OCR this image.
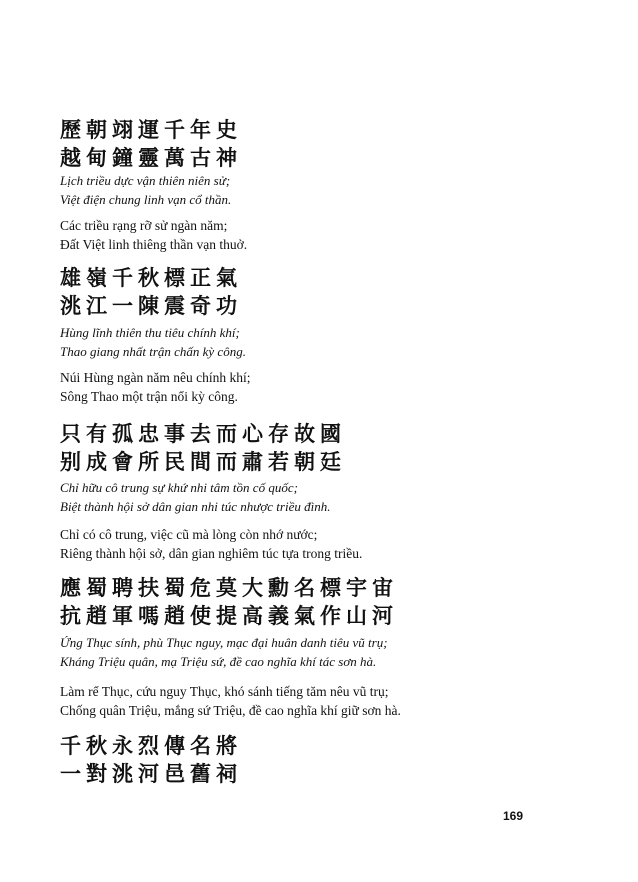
歷朝翊運千年史
越甸鐘靈萬古神
Lịch triều dực vận thiên niên sử;
Việt điện chung linh vạn cổ thần.
Các triều rạng rỡ sử ngàn năm;
Đất Việt linh thiêng thần vạn thuở.
雄嶺千秋標正氣
洮江一陳震奇功
Hùng lĩnh thiên thu tiêu chính khí;
Thao giang nhất trận chấn kỳ công.
Núi Hùng ngàn năm nêu chính khí;
Sông Thao một trận nổi kỳ công.
只有孤忠事去而心存故國
别成會所民間而肅若朝廷
Chỉ hữu cô trung sự khứ nhi tâm tồn cố quốc;
Biệt thành hội sở dân gian nhi túc nhược triều đình.
Chỉ có cô trung, việc cũ mà lòng còn nhớ nước;
Riêng thành hội sở, dân gian nghiêm túc tựa trong triều.
應蜀聘扶蜀危莫大勳名標宇宙
抗趙軍嗎趙使提高義氣作山河
Ứng Thục sính, phù Thục nguy, mạc đại huân danh tiêu vũ trụ;
Kháng Triệu quân, mạ Triệu sứ, đề cao nghĩa khí tác sơn hà.
Làm rể Thục, cứu nguy Thục, khó sánh tiếng tăm nêu vũ trụ;
Chống quân Triệu, mắng sứ Triệu, đề cao nghĩa khí giữ sơn hà.
千秋永烈傳名將
一對洮河邑舊祠
169
